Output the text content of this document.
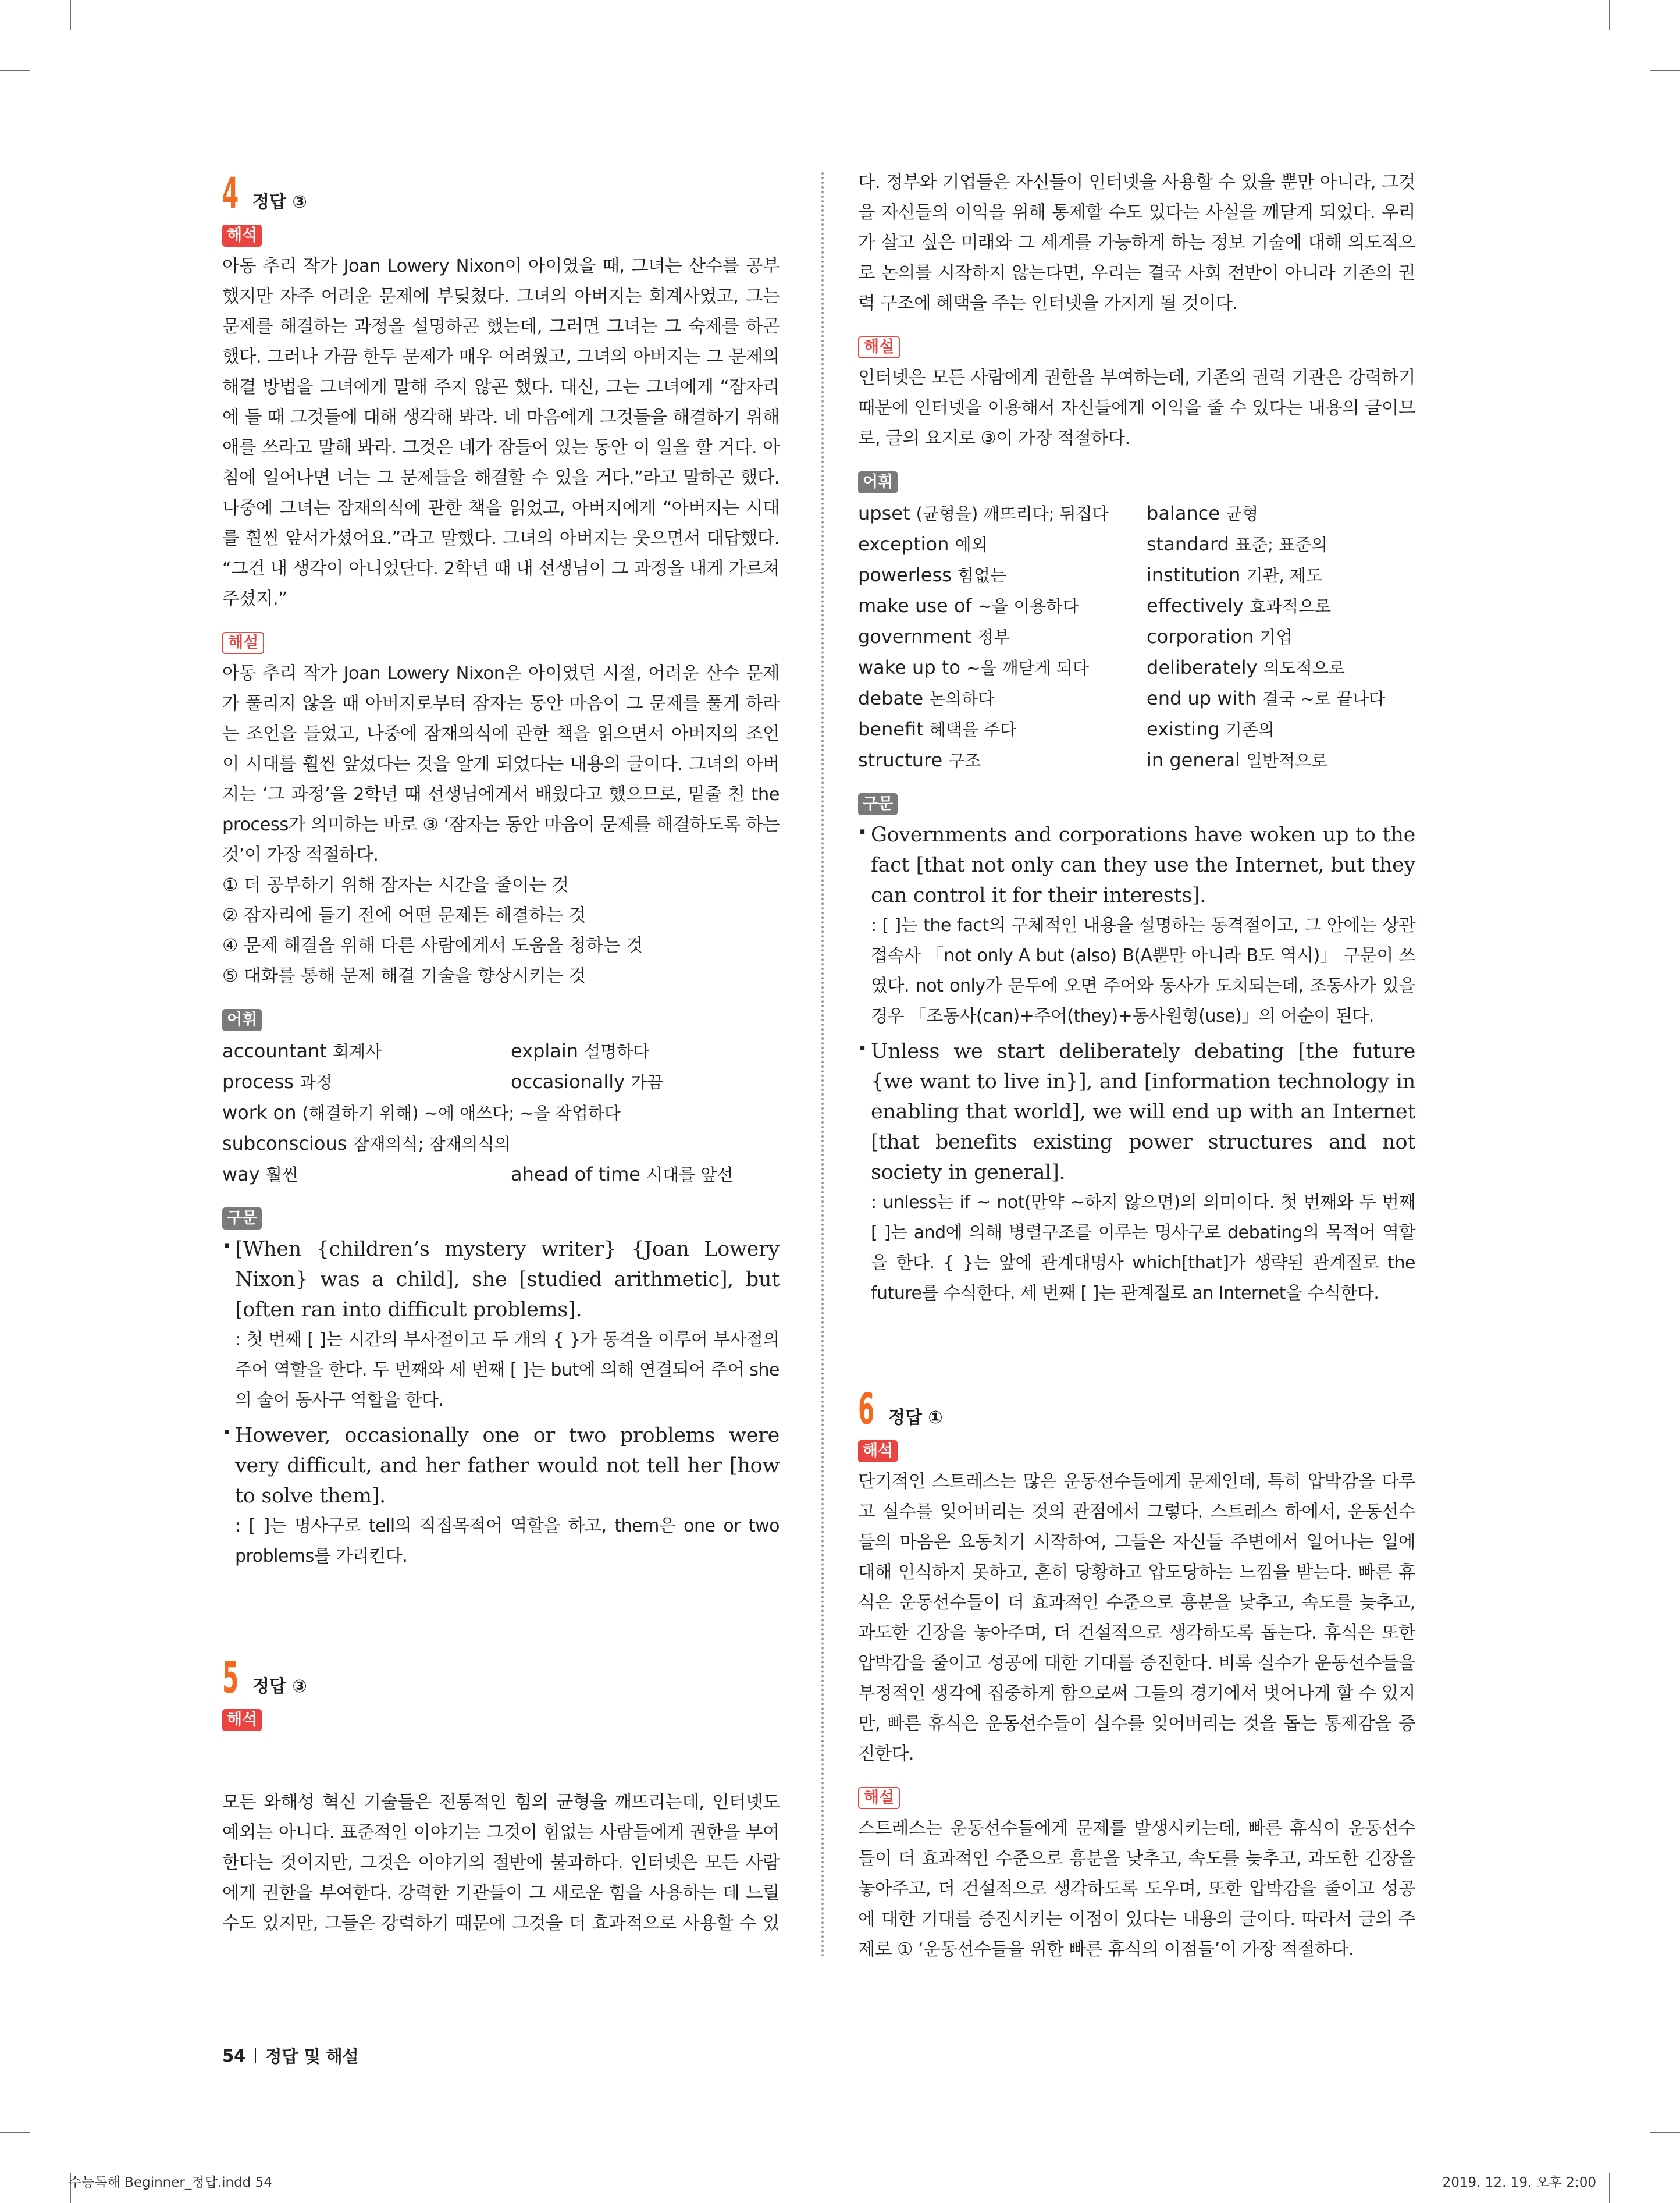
4 정답 ③
해석

아동 추리 작가 Joan Lowery Nixon이 아이였을 때, 그녀는 산수를 공부했지만 자주 어려운 문제에 부딪쳤다. 그녀의 아버지는 회계사였고, 그는 문제를 해결하는 과정을 설명하곤 했는데, 그러면 그녀는 그 숙제를 하곤 했다. 그러나 가끔 한두 문제가 매우 어려웠고, 그녀의 아버지는 그 문제의 해결 방법을 그녀에게 말해 주지 않곤 했다. 대신, 그는 그녀에게 “잠자리에 들 때 그것들에 대해 생각해 봐라. 네 마음에게 그것들을 해결하기 위해 애를 쓰라고 말해 봐라. 그것은 네가 잠들어 있는 동안 이 일을 할 거다. 아침에 일어나면 너는 그 문제들을 해결할 수 있을 거다.”라고 말하곤 했다. 나중에 그녀는 잠재의식에 관한 책을 읽었고, 아버지에게 “아버지는 시대를 훨씬 앞서가셨어요.”라고 말했다. 그녀의 아버지는 웃으면서 대답했다. “그건 내 생각이 아니었단다. 2학년 때 내 선생님이 그 과정을 내게 가르쳐 주셨지.”

해설

아동 추리 작가 Joan Lowery Nixon은 아이였던 시절, 어려운 산수 문제가 풀리지 않을 때 아버지로부터 잠자는 동안 마음이 그 문제를 풀게 하라는 조언을 들었고, 나중에 잠재의식에 관한 책을 읽으면서 아버지의 조언이 시대를 훨씬 앞섰다는 것을 알게 되었다는 내용의 글이다. 그녀의 아버지는 ‘그 과정’을 2학년 때 선생님에게서 배웠다고 했으므로, 밑줄 친 the process가 의미하는 바로 ③ ‘잠자는 동안 마음이 문제를 해결하도록 하는 것’이 가장 적절하다.

① 더 공부하기 위해 잠자는 시간을 줄이는 것

② 잠자리에 들기 전에 어떤 문제든 해결하는 것

④ 문제 해결을 위해 다른 사람에게서 도움을 청하는 것

⑤ 대화를 통해 문제 해결 기술을 향상시키는 것

어휘
accountant 회계사	explain 설명하다
process 과정	occasionally 가끔
work on (해결하기 위해) ~에 애쓰다; ~을 작업하다
subconscious 잠재의식; 잠재의식의
way 훨씬	ahead of time 시대를 앞선
구문

· [When {children’s mystery writer} {Joan Lowery Nixon} was a child], she [studied arithmetic], but [often ran into difficult problems].

: 첫 번째 [ ]는 시간의 부사절이고 두 개의 { }가 동격을 이루어 부사절의 주어 역할을 한다. 두 번째와 세 번째 [ ]는 but에 의해 연결되어 주어 she의 술어 동사구 역할을 한다.

· However, occasionally one or two problems were very difficult, and her father would not tell her [how to solve them].

: [ ]는 명사구로 tell의 직접목적어 역할을 하고, them은 one or two problems를 가리킨다.

5 정답 ③
해석

모든 와해성 혁신 기술들은 전통적인 힘의 균형을 깨뜨리는데, 인터넷도 예외는 아니다. 표준적인 이야기는 그것이 힘없는 사람들에게 권한을 부여한다는 것이지만, 그것은 이야기의 절반에 불과하다. 인터넷은 모든 사람에게 권한을 부여한다. 강력한 기관들이 그 새로운 힘을 사용하는 데 느릴 수도 있지만, 그들은 강력하기 때문에 그것을 더 효과적으로 사용할 수 있

다. 정부와 기업들은 자신들이 인터넷을 사용할 수 있을 뿐만 아니라, 그것을 자신들의 이익을 위해 통제할 수도 있다는 사실을 깨닫게 되었다. 우리가 살고 싶은 미래와 그 세계를 가능하게 하는 정보 기술에 대해 의도적으로 논의를 시작하지 않는다면, 우리는 결국 사회 전반이 아니라 기존의 권력 구조에 혜택을 주는 인터넷을 가지게 될 것이다.

해설

인터넷은 모든 사람에게 권한을 부여하는데, 기존의 권력 기관은 강력하기 때문에 인터넷을 이용해서 자신들에게 이익을 줄 수 있다는 내용의 글이므로, 글의 요지로 ③이 가장 적절하다.

어휘
upset (균형을) 깨뜨리다; 뒤집다	balance 균형
exception 예외	standard 표준; 표준의
powerless 힘없는	institution 기관, 제도
make use of ~을 이용하다	effectively 효과적으로
government 정부	corporation 기업
wake up to ~을 깨닫게 되다	deliberately 의도적으로
debate 논의하다	end up with 결국 ~로 끝나다
benefit 혜택을 주다	existing 기존의
structure 구조	in general 일반적으로
구문

· Governments and corporations have woken up to the fact [that not only can they use the Internet, but they can control it for their interests].

: [ ]는 the fact의 구체적인 내용을 설명하는 동격절이고, 그 안에는 상관접속사 「not only A but (also) B(A뿐만 아니라 B도 역시)」 구문이 쓰였다. not only가 문두에 오면 주어와 동사가 도치되는데, 조동사가 있을 경우 「조동사(can)+주어(they)+동사원형(use)」의 어순이 된다.

· Unless we start deliberately debating [the future {we want to live in}], and [information technology in enabling that world], we will end up with an Internet [that benefits existing power structures and not society in general].

: unless는 if ~ not(만약 ~하지 않으면)의 의미이다. 첫 번째와 두 번째 [ ]는 and에 의해 병렬구조를 이루는 명사구로 debating의 목적어 역할을 한다. { }는 앞에 관계대명사 which[that]가 생략된 관계절로 the future를 수식한다. 세 번째 [ ]는 관계절로 an Internet을 수식한다.

6 정답 ①
해석

단기적인 스트레스는 많은 운동선수들에게 문제인데, 특히 압박감을 다루고 실수를 잊어버리는 것의 관점에서 그렇다. 스트레스 하에서, 운동선수들의 마음은 요동치기 시작하여, 그들은 자신들 주변에서 일어나는 일에 대해 인식하지 못하고, 흔히 당황하고 압도당하는 느낌을 받는다. 빠른 휴식은 운동선수들이 더 효과적인 수준으로 흥분을 낮추고, 속도를 늦추고, 과도한 긴장을 놓아주며, 더 건설적으로 생각하도록 돕는다. 휴식은 또한 압박감을 줄이고 성공에 대한 기대를 증진한다. 비록 실수가 운동선수들을 부정적인 생각에 집중하게 함으로써 그들의 경기에서 벗어나게 할 수 있지만, 빠른 휴식은 운동선수들이 실수를 잊어버리는 것을 돕는 통제감을 증진한다.

해설

스트레스는 운동선수들에게 문제를 발생시키는데, 빠른 휴식이 운동선수들이 더 효과적인 수준으로 흥분을 낮추고, 속도를 늦추고, 과도한 긴장을 놓아주고, 더 건설적으로 생각하도록 도우며, 또한 압박감을 줄이고 성공에 대한 기대를 증진시키는 이점이 있다는 내용의 글이다. 따라서 글의 주제로 ① ‘운동선수들을 위한 빠른 휴식의 이점들’이 가장 적절하다.

54 정답 및 해설
수능독해 Beginner_정답.indd 54	2019. 12. 19. 오후 2:00
